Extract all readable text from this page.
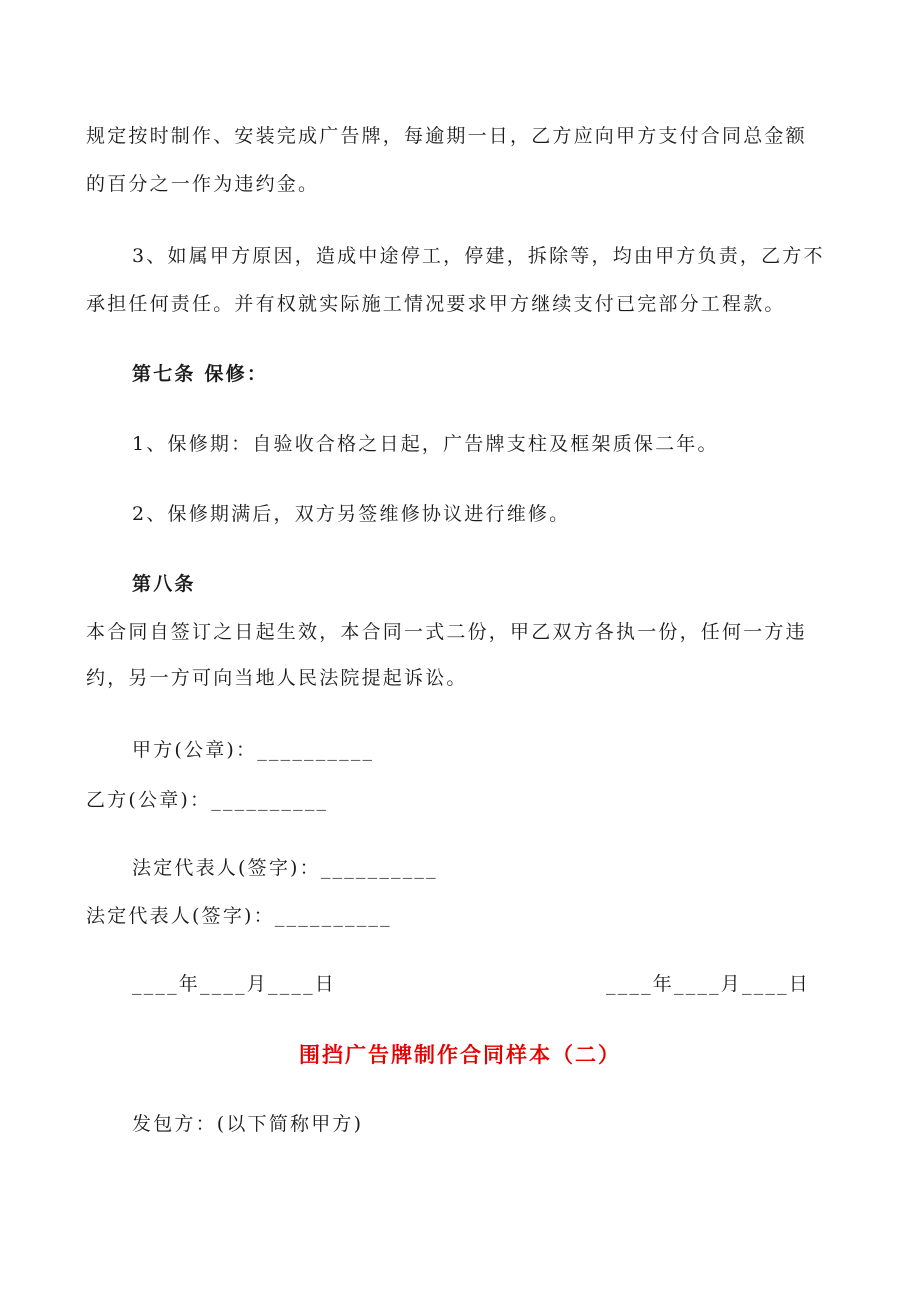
规定按时制作、安装完成广告牌，每逾期一日，乙方应向甲方支付合同总金额
的百分之一作为违约金。
3、如属甲方原因，造成中途停工，停建，拆除等，均由甲方负责，乙方不
承担任何责任。并有权就实际施工情况要求甲方继续支付已完部分工程款。
第七条 保修：
1、保修期：自验收合格之日起，广告牌支柱及框架质保二年。
2、保修期满后，双方另签维修协议进行维修。
第八条
本合同自签订之日起生效，本合同一式二份，甲乙双方各执一份，任何一方违
约，另一方可向当地人民法院提起诉讼。
甲方(公章)：__________
乙方(公章)：__________
法定代表人(签字)：__________
法定代表人(签字)：__________
____年____月____日	____年____月____日
围挡广告牌制作合同样本（二）
发包方：(以下简称甲方)
